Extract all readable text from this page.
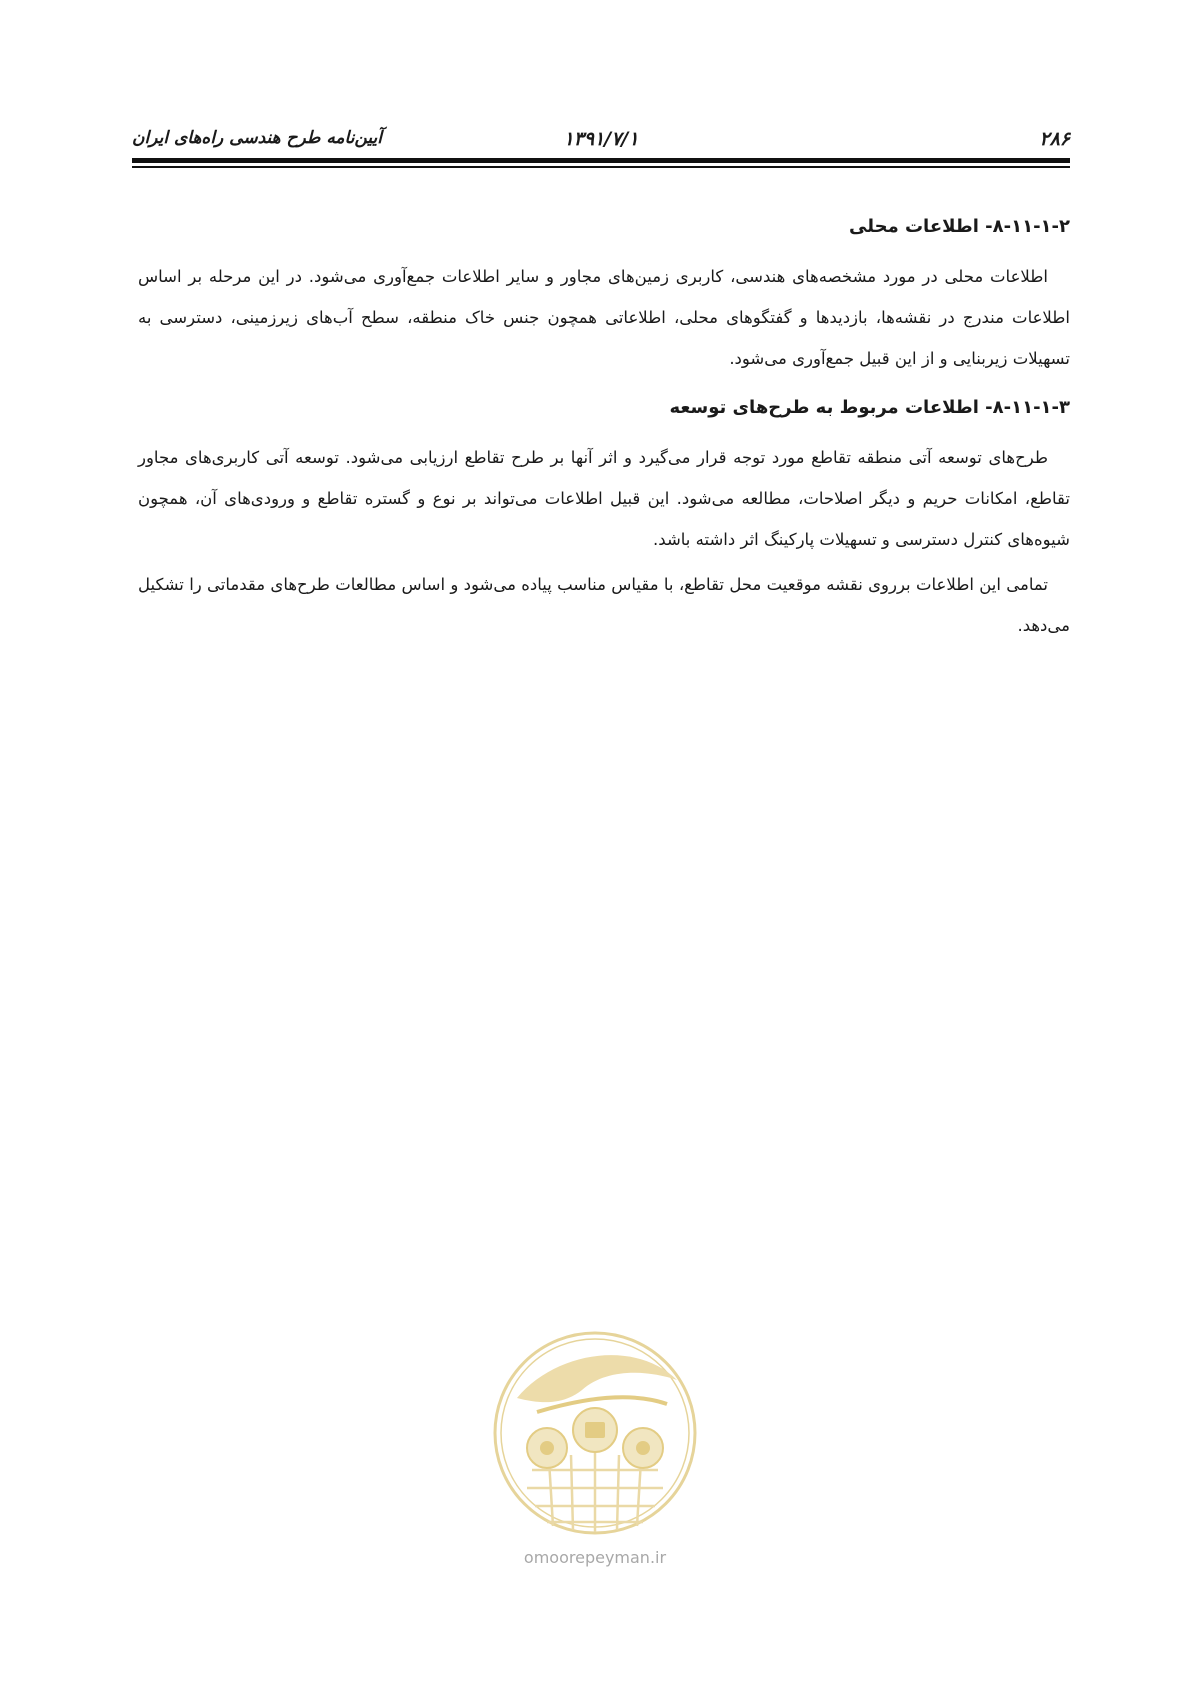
۲۸۶
۱۳۹۱/۷/۱
آیین‌نامه طرح هندسی راه‌های ایران
۸-۱۱-۱-۲- اطلاعات محلی

اطلاعات محلی در مورد مشخصه‌های هندسی، کاربری زمین‌های مجاور و سایر اطلاعات جمع‌آوری می‌شود. در این مرحله بر اساس اطلاعات مندرج در نقشه‌ها، بازدیدها و گفتگوهای محلی، اطلاعاتی همچون جنس خاک منطقه، سطح آب‌های زیرزمینی، دسترسی به تسهیلات زیربنایی و از این قبیل جمع‌آوری می‌شود.

۸-۱۱-۱-۳- اطلاعات مربوط به طرح‌های توسعه

طرح‌های توسعه آتی منطقه تقاطع مورد توجه قرار می‌گیرد و اثر آنها بر طرح تقاطع ارزیابی می‌شود. توسعه آتی کاربری‌های مجاور تقاطع، امکانات حریم و دیگر اصلاحات، مطالعه می‌شود. این قبیل اطلاعات می‌تواند بر نوع و گستره تقاطع و ورودی‌های آن، همچون شیوه‌های کنترل دسترسی و تسهیلات پارکینگ اثر داشته باشد.

تمامی این اطلاعات برروی نقشه موقعیت محل تقاطع، با مقیاس مناسب پیاده می‌شود و اساس مطالعات طرح‌های مقدماتی را تشکیل می‌دهد.

omoorepeyman.ir
